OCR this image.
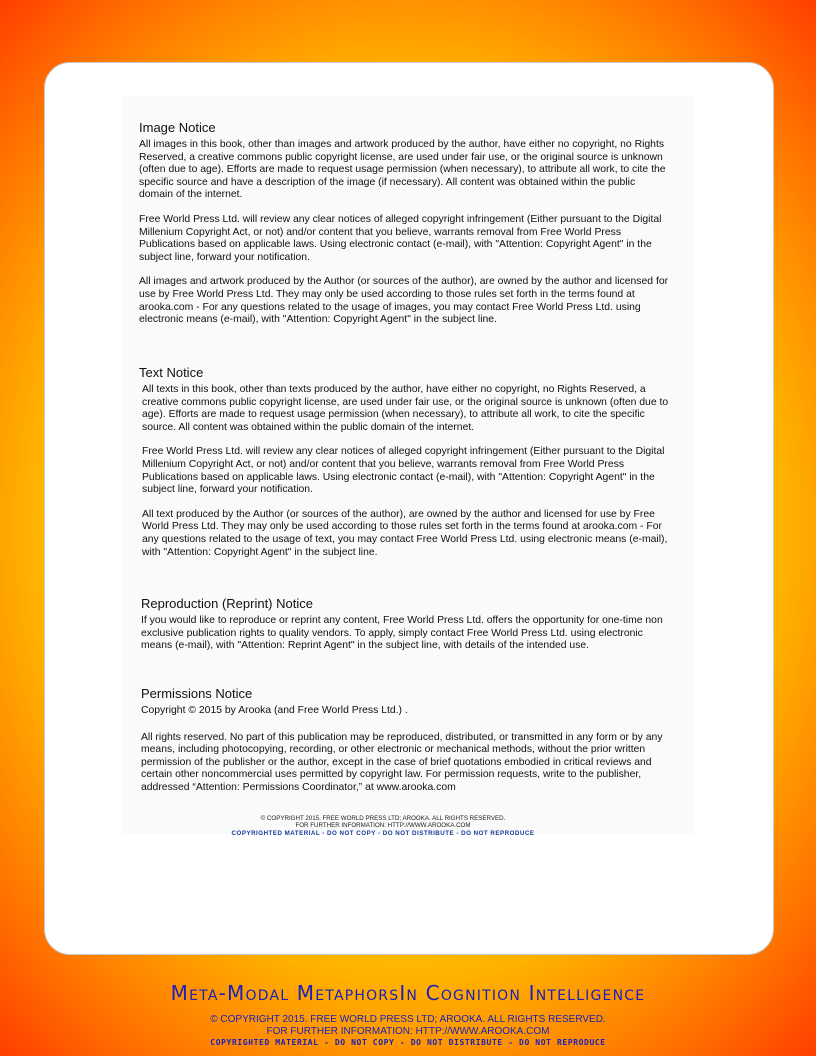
Image Notice

All images in this book, other than images and artwork produced by the author, have either no copyright, no Rights Reserved, a creative commons public copyright license, are used under fair use, or the original source is unknown (often due to age). Efforts are made to request usage permission (when necessary), to attribute all work, to cite the specific source and have a description of the image (if necessary). All content was obtained within the public domain of the internet.

Free World Press Ltd. will review any clear notices of alleged copyright infringement (Either pursuant to the Digital Millenium Copyright Act, or not) and/or content that you believe, warrants removal from Free World Press Publications based on applicable laws. Using electronic contact (e-mail), with "Attention: Copyright Agent" in the subject line, forward your notification.

All images and artwork produced by the Author (or sources of the author), are owned by the author and licensed for use by Free World Press Ltd. They may only be used according to those rules set forth in the terms found at arooka.com - For any questions related to the usage of images, you may contact Free World Press Ltd. using electronic means (e-mail), with "Attention: Copyright Agent" in the subject line.

Text Notice

All texts in this book, other than texts produced by the author, have either no copyright, no Rights Reserved, a creative commons public copyright license, are used under fair use, or the original source is unknown (often due to age). Efforts are made to request usage permission (when necessary), to attribute all work, to cite the specific source. All content was obtained within the public domain of the internet.

Free World Press Ltd. will review any clear notices of alleged copyright infringement (Either pursuant to the Digital Millenium Copyright Act, or not) and/or content that you believe, warrants removal from Free World Press Publications based on applicable laws. Using electronic contact (e-mail), with "Attention: Copyright Agent" in the subject line, forward your notification.

All text produced by the Author (or sources of the author), are owned by the author and licensed for use by Free World Press Ltd. They may only be used according to those rules set forth in the terms found at arooka.com - For any questions related to the usage of text, you may contact Free World Press Ltd. using electronic means (e-mail), with "Attention: Copyright Agent" in the subject line.

Reproduction (Reprint) Notice

If you would like to reproduce or reprint any content, Free World Press Ltd. offers the opportunity for one-time non exclusive publication rights to quality vendors. To apply, simply contact Free World Press Ltd. using electronic means (e-mail), with "Attention: Reprint Agent" in the subject line, with details of the intended use.

Permissions Notice

Copyright © 2015 by Arooka (and Free World Press Ltd.) .

All rights reserved. No part of this publication may be reproduced, distributed, or transmitted in any form or by any means, including photocopying, recording, or other electronic or mechanical methods, without the prior written permission of the publisher or the author, except in the case of brief quotations embodied in critical reviews and certain other noncommercial uses permitted by copyright law. For permission requests, write to the publisher, addressed “Attention: Permissions Coordinator,” at www.arooka.com

© COPYRIGHT 2015. FREE WORLD PRESS LTD; AROOKA. ALL RIGHTS RESERVED.
FOR FURTHER INFORMATION: HTTP://WWW.AROOKA.COM
COPYRIGHTED MATERIAL - DO NOT COPY - DO NOT DISTRIBUTE - DO NOT REPRODUCE

Meta-Modal MetaphorsIn Cognition Intelligence

© COPYRIGHT 2015. FREE WORLD PRESS LTD; AROOKA. ALL RIGHTS RESERVED.

FOR FURTHER INFORMATION: HTTP://WWW.AROOKA.COM

COPYRIGHTED MATERIAL - DO NOT COPY - DO NOT DISTRIBUTE - DO NOT REPRODUCE
